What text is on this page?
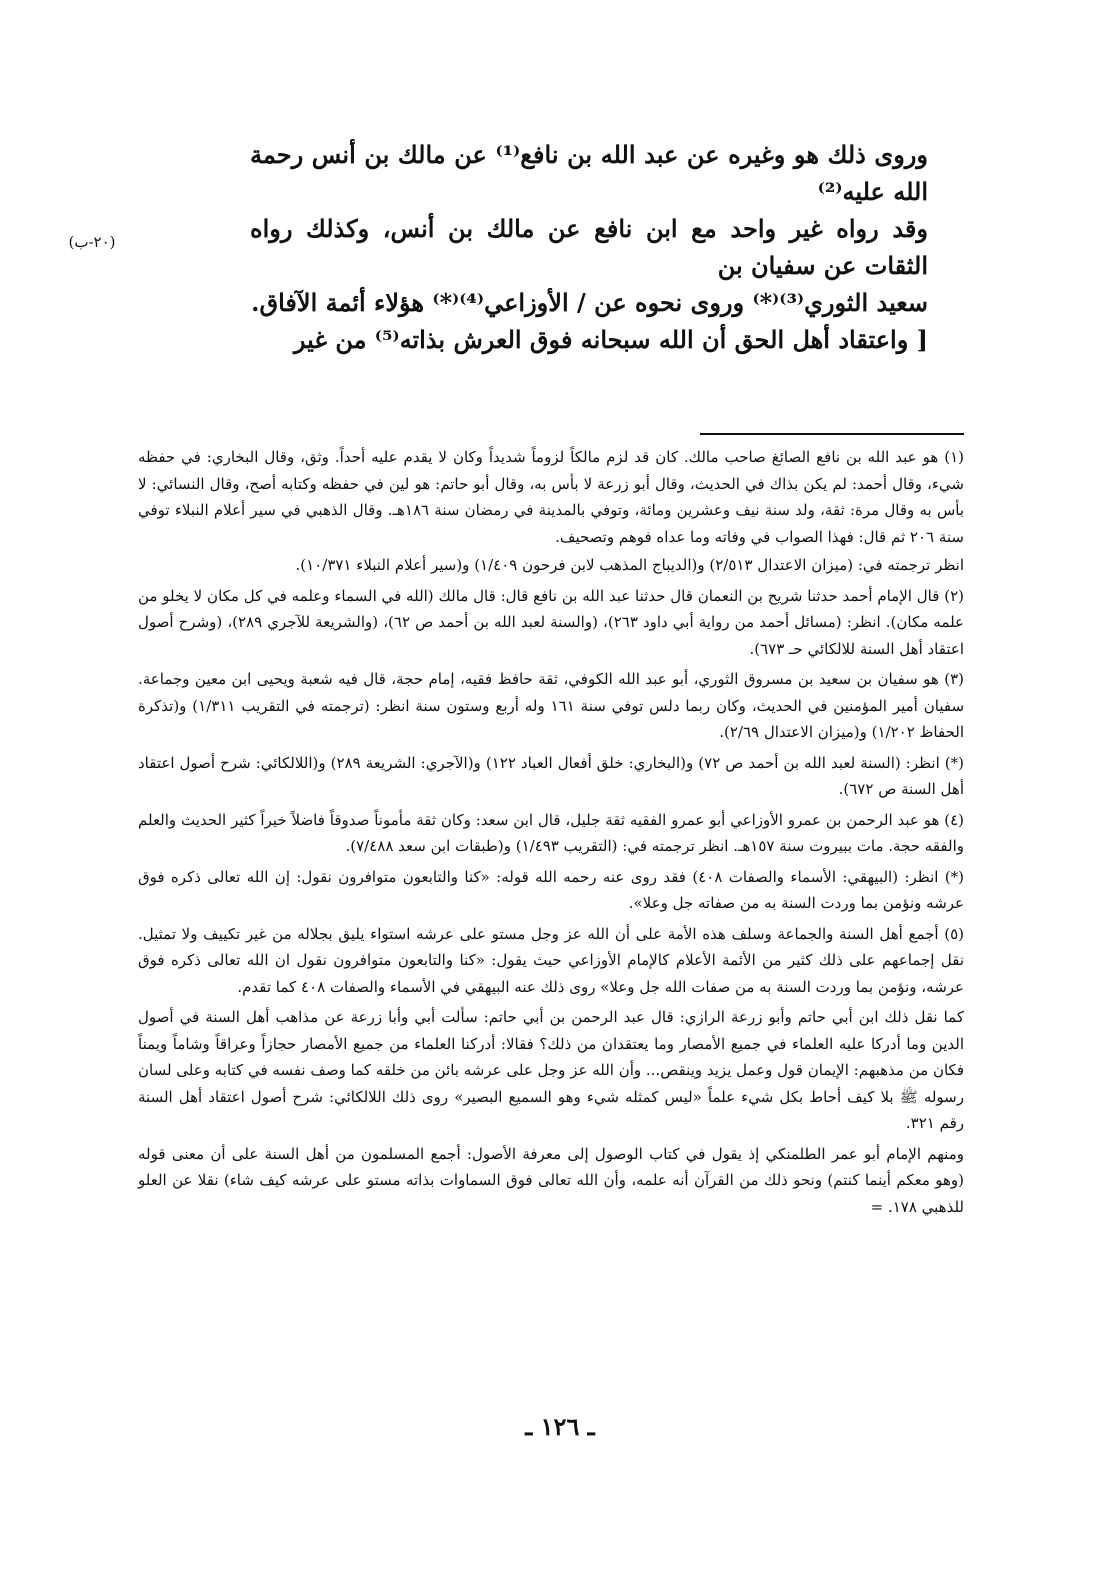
وروى ذلك هو وغيره عن عبد الله بن نافع⁽¹⁾ عن مالك بن أنس رحمة الله عليه⁽²⁾

وقد رواه غير واحد مع ابن نافع عن مالك بن أنس، وكذلك رواه الثقات عن سفيان بن

سعيد الثوري⁽³⁾⁽*⁾ وروى نحوه عن / الأوزاعي⁽⁴⁾⁽*⁾ هؤلاء أئمة الآفاق.

[ واعتقاد أهل الحق أن الله سبحانه فوق العرش بذاته⁽⁵⁾ من غير

(٢٠-ب)

(١) هو عبد الله بن نافع الصائغ صاحب مالك. كان قد لزم مالكاً لزوماً شديداً وكان لا يقدم عليه أحداً. وثق، وقال البخاري: في حفظه شيء، وقال أحمد: لم يكن بذاك في الحديث، وقال أبو زرعة لا بأس به، وقال أبو حاتم: هو لين في حفظه وكتابه أصح، وقال النسائي: لا بأس به وقال مرة: ثقة، ولد سنة نيف وعشرين ومائة، وتوفي بالمدينة في رمضان سنة ١٨٦هـ. وقال الذهبي في سير أعلام النبلاء توفي سنة ٢٠٦ ثم قال: فهذا الصواب في وفاته وما عداه فوهم وتصحيف.

انظر ترجمته في: (ميزان الاعتدال ٢/٥١٣) و(الديباج المذهب لابن فرحون ١/٤٠٩) و(سير أعلام النبلاء ١٠/٣٧١).

(٢) قال الإمام أحمد حدثنا شريح بن النعمان قال حدثنا عبد الله بن نافع قال: قال مالك (الله في السماء وعلمه في كل مكان لا يخلو من علمه مكان). انظر: (مسائل أحمد من رواية أبي داود ٢٦٣)، (والسنة لعبد الله بن أحمد ص ٦٢)، (والشريعة للآجري ٢٨٩)، (وشرح أصول اعتقاد أهل السنة للالكائي حـ ٦٧٣).

(٣) هو سفيان بن سعيد بن مسروق الثوري، أبو عبد الله الكوفي، ثقة حافظ فقيه، إمام حجة، قال فيه شعبة ويحيى ابن معين وجماعة. سفيان أمير المؤمنين في الحديث، وكان ربما دلس توفي سنة ١٦١ وله أربع وستون سنة انظر: (ترجمته في التقريب ١/٣١١) و(تذكرة الحفاظ ١/٢٠٢) و(ميزان الاعتدال ٢/٦٩).

(*) انظر: (السنة لعبد الله بن أحمد ص ٧٢) و(البخاري: خلق أفعال العباد ١٢٢) و(الآجري: الشريعة ٢٨٩) و(اللالكائي: شرح أصول اعتقاد أهل السنة ص ٦٧٢).

(٤) هو عبد الرحمن بن عمرو الأوزاعي أبو عمرو الفقيه ثقة جليل، قال ابن سعد: وكان ثقة مأموناً صدوقاً فاضلاً خيراً كثير الحديث والعلم والفقه حجة. مات ببيروت سنة ١٥٧هـ. انظر ترجمته في: (التقريب ١/٤٩٣) و(طبقات ابن سعد ٧/٤٨٨).

(*) انظر: (البيهقي: الأسماء والصفات ٤٠٨) فقد روى عنه رحمه الله قوله: «كنا والتابعون متوافرون نقول: إن الله تعالى ذكره فوق عرشه ونؤمن بما وردت السنة به من صفاته جل وعلا».

(٥) أجمع أهل السنة والجماعة وسلف هذه الأمة على أن الله عز وجل مستو على عرشه استواء يليق بجلاله من غير تكييف ولا تمثيل. نقل إجماعهم على ذلك كثير من الأئمة الأعلام كالإمام الأوزاعي حيث يقول: «كنا والتابعون متوافرون نقول ان الله تعالى ذكره فوق عرشه، ونؤمن بما وردت السنة به من صفات الله جل وعلا» روى ذلك عنه البيهقي في الأسماء والصفات ٤٠٨ كما تقدم.

كما نقل ذلك ابن أبي حاتم وأبو زرعة الرازي: قال عبد الرحمن بن أبي حاتم: سألت أبي وأبا زرعة عن مذاهب أهل السنة في أصول الدين وما أدركا عليه العلماء في جميع الأمصار وما يعتقدان من ذلك؟ فقالا: أدركنا العلماء من جميع الأمصار حجازاً وعراقاً وشاماً ويمناً فكان من مذهبهم: الإيمان قول وعمل يزيد وينقص... وأن الله عز وجل على عرشه بائن من خلقه كما وصف نفسه في كتابه وعلى لسان رسوله ﷺ بلا كيف أحاط بكل شيء علماً «ليس كمثله شيء وهو السميع البصير» روى ذلك اللالكائي: شرح أصول اعتقاد أهل السنة رقم ٣٢١.

ومنهم الإمام أبو عمر الطلمنكي إذ يقول في كتاب الوصول إلى معرفة الأصول: أجمع المسلمون من أهل السنة على أن معنى قوله (وهو معكم أينما كنتم) ونحو ذلك من القرآن أنه علمه، وأن الله تعالى فوق السماوات بذاته مستو على عرشه كيف شاء) نقلا عن العلو للذهبي ١٧٨. =

ـ ١٢٦ ـ
